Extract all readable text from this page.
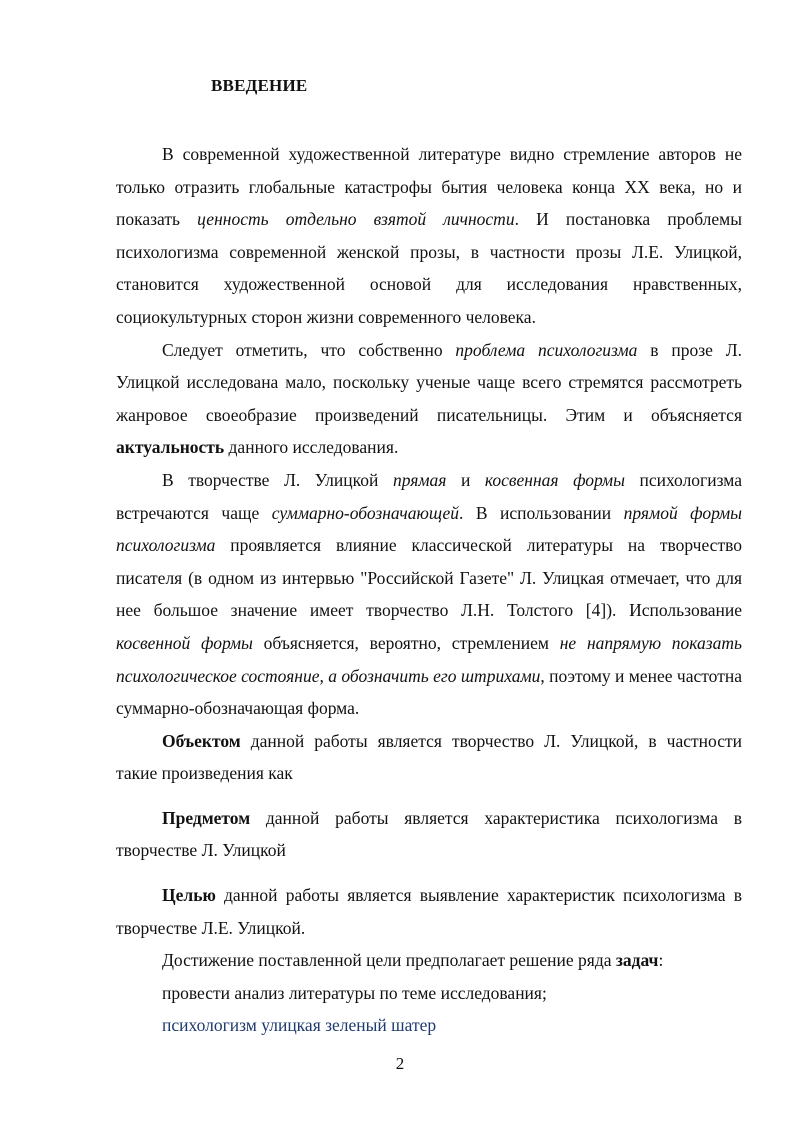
ВВЕДЕНИЕ

В современной художественной литературе видно стремление авторов не только отразить глобальные катастрофы бытия человека конца XX века, но и показать ценность отдельно взятой личности. И постановка проблемы психологизма современной женской прозы, в частности прозы Л.Е. Улицкой, становится художественной основой для исследования нравственных, социокультурных сторон жизни современного человека.

Следует отметить, что собственно проблема психологизма в прозе Л. Улицкой исследована мало, поскольку ученые чаще всего стремятся рассмотреть жанровое своеобразие произведений писательницы. Этим и объясняется актуальность данного исследования.

В творчестве Л. Улицкой прямая и косвенная формы психологизма встречаются чаще суммарно-обозначающей. В использовании прямой формы психологизма проявляется влияние классической литературы на творчество писателя (в одном из интервью "Российской Газете" Л. Улицкая отмечает, что для нее большое значение имеет творчество Л.Н. Толстого [4]). Использование косвенной формы объясняется, вероятно, стремлением не напрямую показать психологическое состояние, а обозначить его штрихами, поэтому и менее частотна суммарно-обозначающая форма.

Объектом данной работы является творчество Л. Улицкой, в частности такие произведения как

Предметом данной работы является характеристика психологизма в творчестве Л. Улицкой

Целью данной работы является выявление характеристик психологизма в творчестве Л.Е. Улицкой.

Достижение поставленной цели предполагает решение ряда задач:

провести анализ литературы по теме исследования;

психологизм улицкая зеленый шатер

2
